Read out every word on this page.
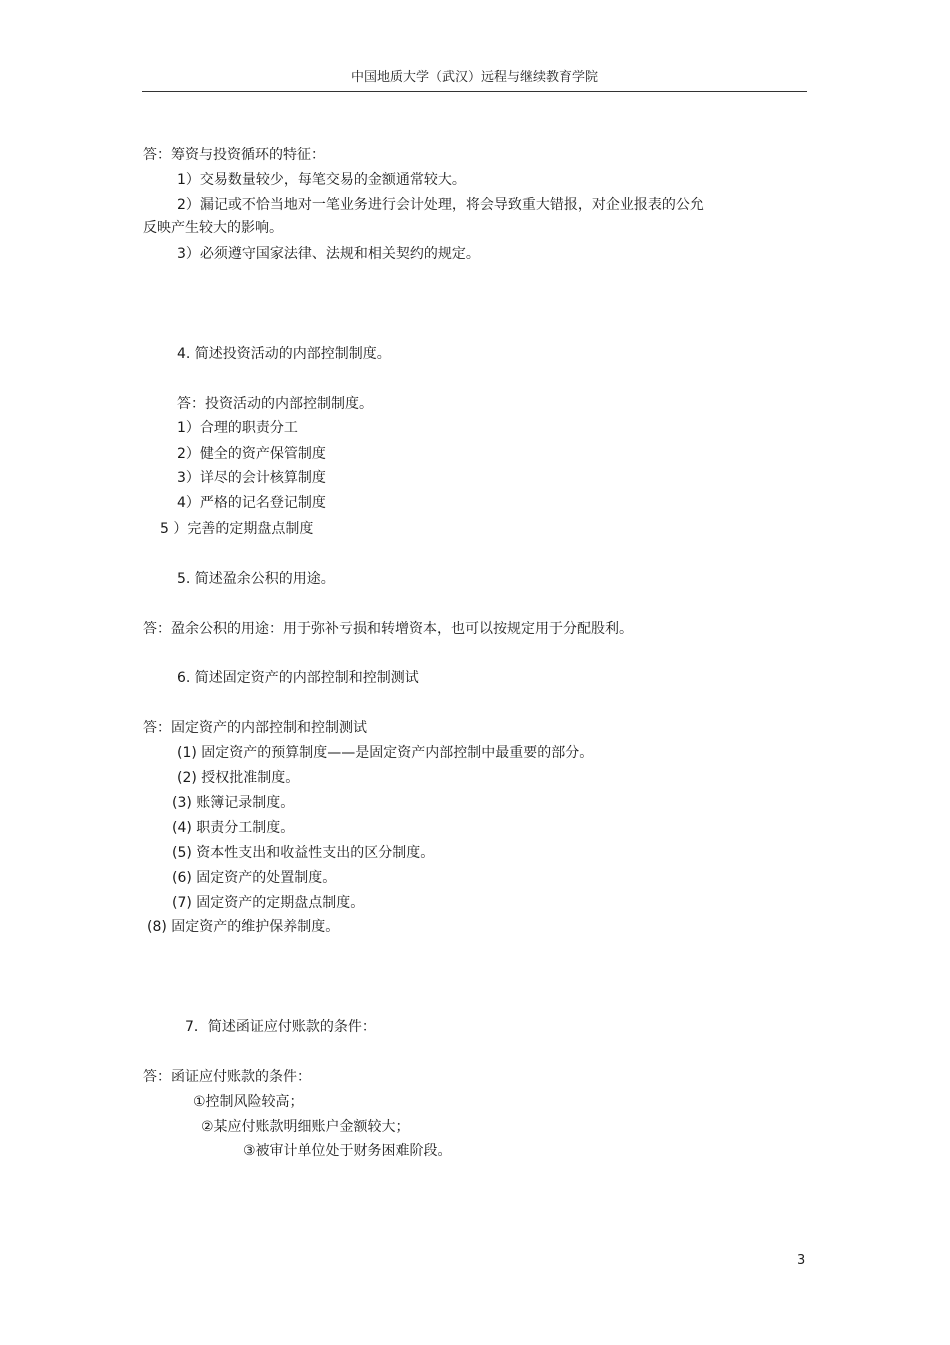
中国地质大学（武汉）远程与继续教育学院
答：筹资与投资循环的特征：
1）交易数量较少，每笔交易的金额通常较大。
2）漏记或不恰当地对一笔业务进行会计处理，将会导致重大错报，对企业报表的公允
反映产生较大的影响。
3）必须遵守国家法律、法规和相关契约的规定。
4. 简述投资活动的内部控制制度。
答：投资活动的内部控制制度。
1）合理的职责分工
2）健全的资产保管制度
3）详尽的会计核算制度
4）严格的记名登记制度
5 ）完善的定期盘点制度
5. 简述盈余公积的用途。
答：盈余公积的用途：用于弥补亏损和转增资本，也可以按规定用于分配股利。
6. 简述固定资产的内部控制和控制测试
答：固定资产的内部控制和控制测试
(1) 固定资产的预算制度——是固定资产内部控制中最重要的部分。
(2) 授权批准制度。
(3) 账簿记录制度。
(4) 职责分工制度。
(5) 资本性支出和收益性支出的区分制度。
(6) 固定资产的处置制度。
(7) 固定资产的定期盘点制度。
(8) 固定资产的维护保养制度。
7．简述函证应付账款的条件：
答：函证应付账款的条件：
①控制风险较高；
②某应付账款明细账户金额较大；
③被审计单位处于财务困难阶段。
3
